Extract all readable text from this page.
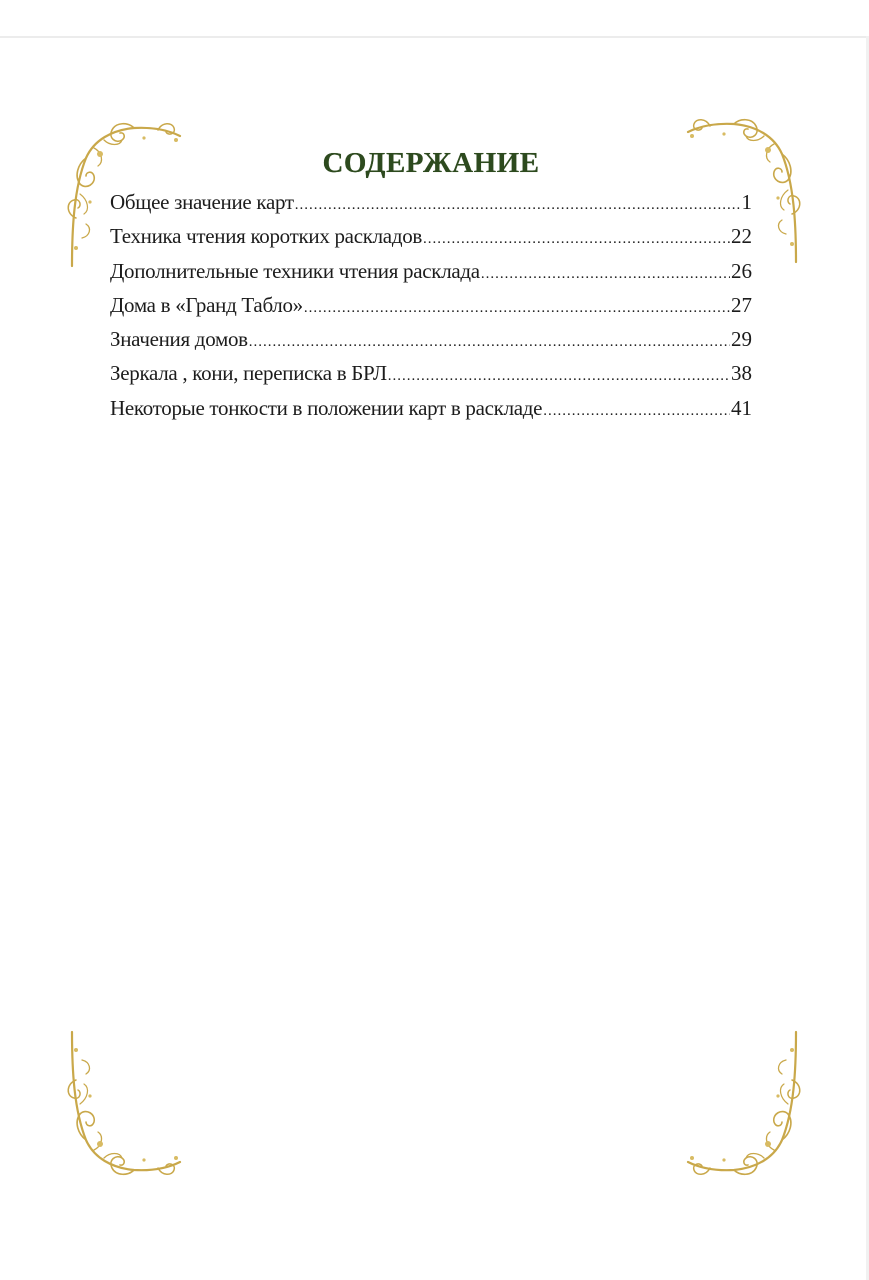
СОДЕРЖАНИЕ
Общее значение карт .....	1
Техника чтения коротких раскладов .....	22
Дополнительные техники чтения расклада .....	26
Дома в «Гранд Табло» .....	27
Значения домов .....	29
Зеркала , кони, переписка в БРЛ .....	38
Некоторые тонкости в положении карт в раскладе .....	41
